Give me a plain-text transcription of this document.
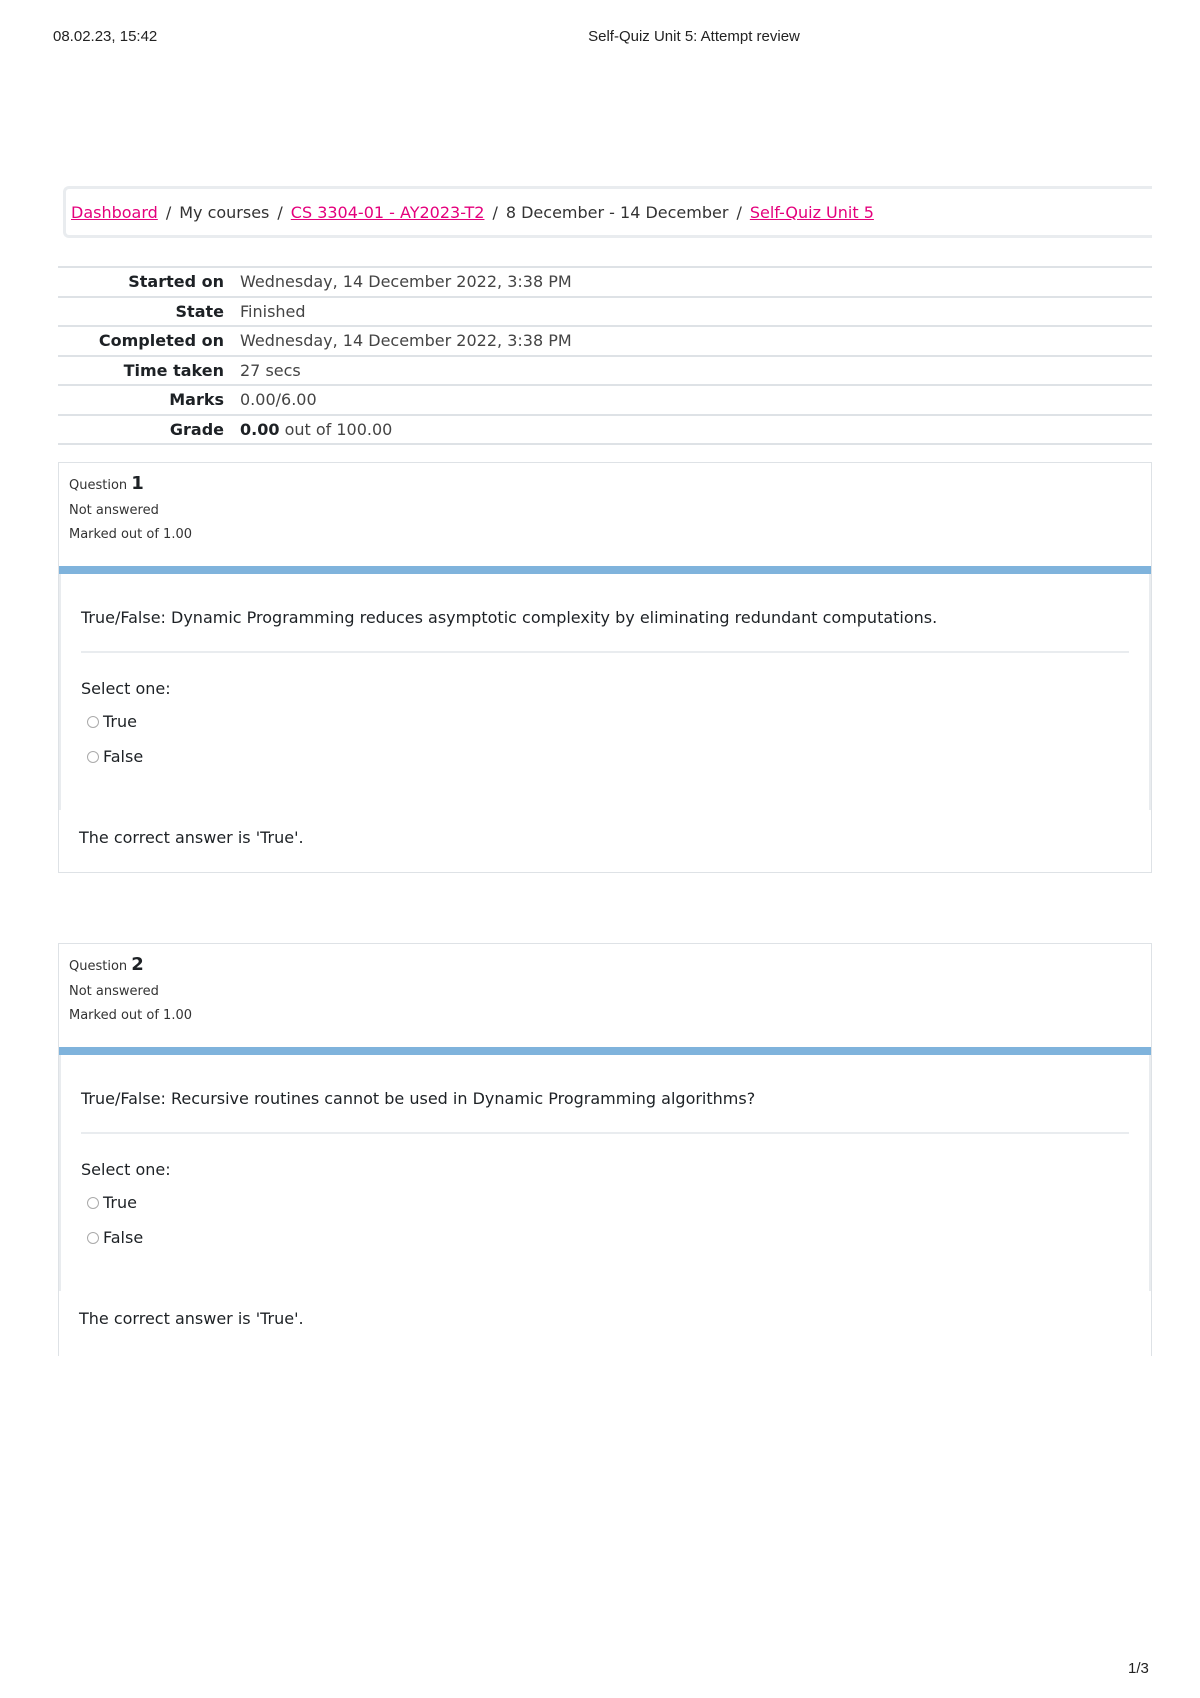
08.02.23, 15:42	Self-Quiz Unit 5: Attempt review
Dashboard / My courses / CS 3304-01 - AY2023-T2 / 8 December - 14 December / Self-Quiz Unit 5
Started on	Wednesday, 14 December 2022, 3:38 PM
State	Finished
Completed on	Wednesday, 14 December 2022, 3:38 PM
Time taken	27 secs
Marks	0.00/6.00
Grade	0.00 out of 100.00
Question 1
Not answered
Marked out of 1.00
True/False: Dynamic Programming reduces asymptotic complexity by eliminating redundant computations.
Select one:
True
False
The correct answer is 'True'.
Question 2
Not answered
Marked out of 1.00
True/False: Recursive routines cannot be used in Dynamic Programming algorithms?
Select one:
True
False
The correct answer is 'True'.
1/3
